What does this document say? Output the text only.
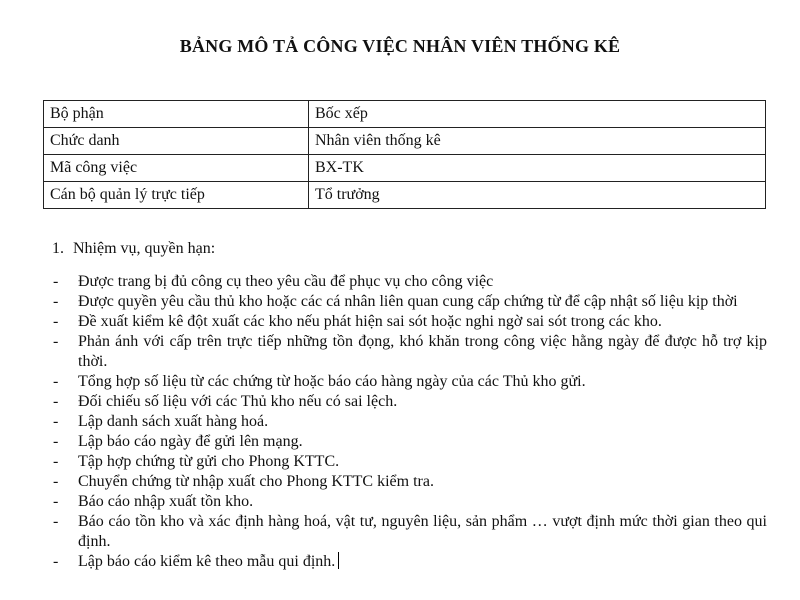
BẢNG MÔ TẢ CÔNG VIỆC NHÂN VIÊN THỐNG KÊ
Bộ phận	Bốc xếp
Chức danh	Nhân viên thống kê
Mã công việc	BX-TK
Cán bộ quản lý trực tiếp	Tổ trưởng
1. Nhiệm vụ, quyền hạn:
- Được trang bị đủ công cụ theo yêu cầu để phục vụ cho công việc
- Được quyền yêu cầu thủ kho hoặc các cá nhân liên quan cung cấp chứng từ để cập nhật số liệu kịp thời
- Đề xuất kiểm kê đột xuất các kho nếu phát hiện sai sót hoặc nghi ngờ sai sót trong các kho.
- Phản ánh với cấp trên trực tiếp những tồn đọng, khó khăn trong công việc hằng ngày để được hỗ trợ kịp thời.
- Tổng hợp số liệu từ các chứng từ hoặc báo cáo hàng ngày của các Thủ kho gửi.
- Đối chiếu số liệu với các Thủ kho nếu có sai lệch.
- Lập danh sách xuất hàng hoá.
- Lập báo cáo ngày để gửi lên mạng.
- Tập hợp chứng từ gửi cho Phong KTTC.
- Chuyển chứng từ nhập xuất cho Phong KTTC kiểm tra.
- Báo cáo nhập xuất tồn kho.
- Báo cáo tồn kho và xác định hàng hoá, vật tư, nguyên liệu, sản phẩm … vượt định mức thời gian theo qui định.
- Lập báo cáo kiểm kê theo mẫu qui định.
